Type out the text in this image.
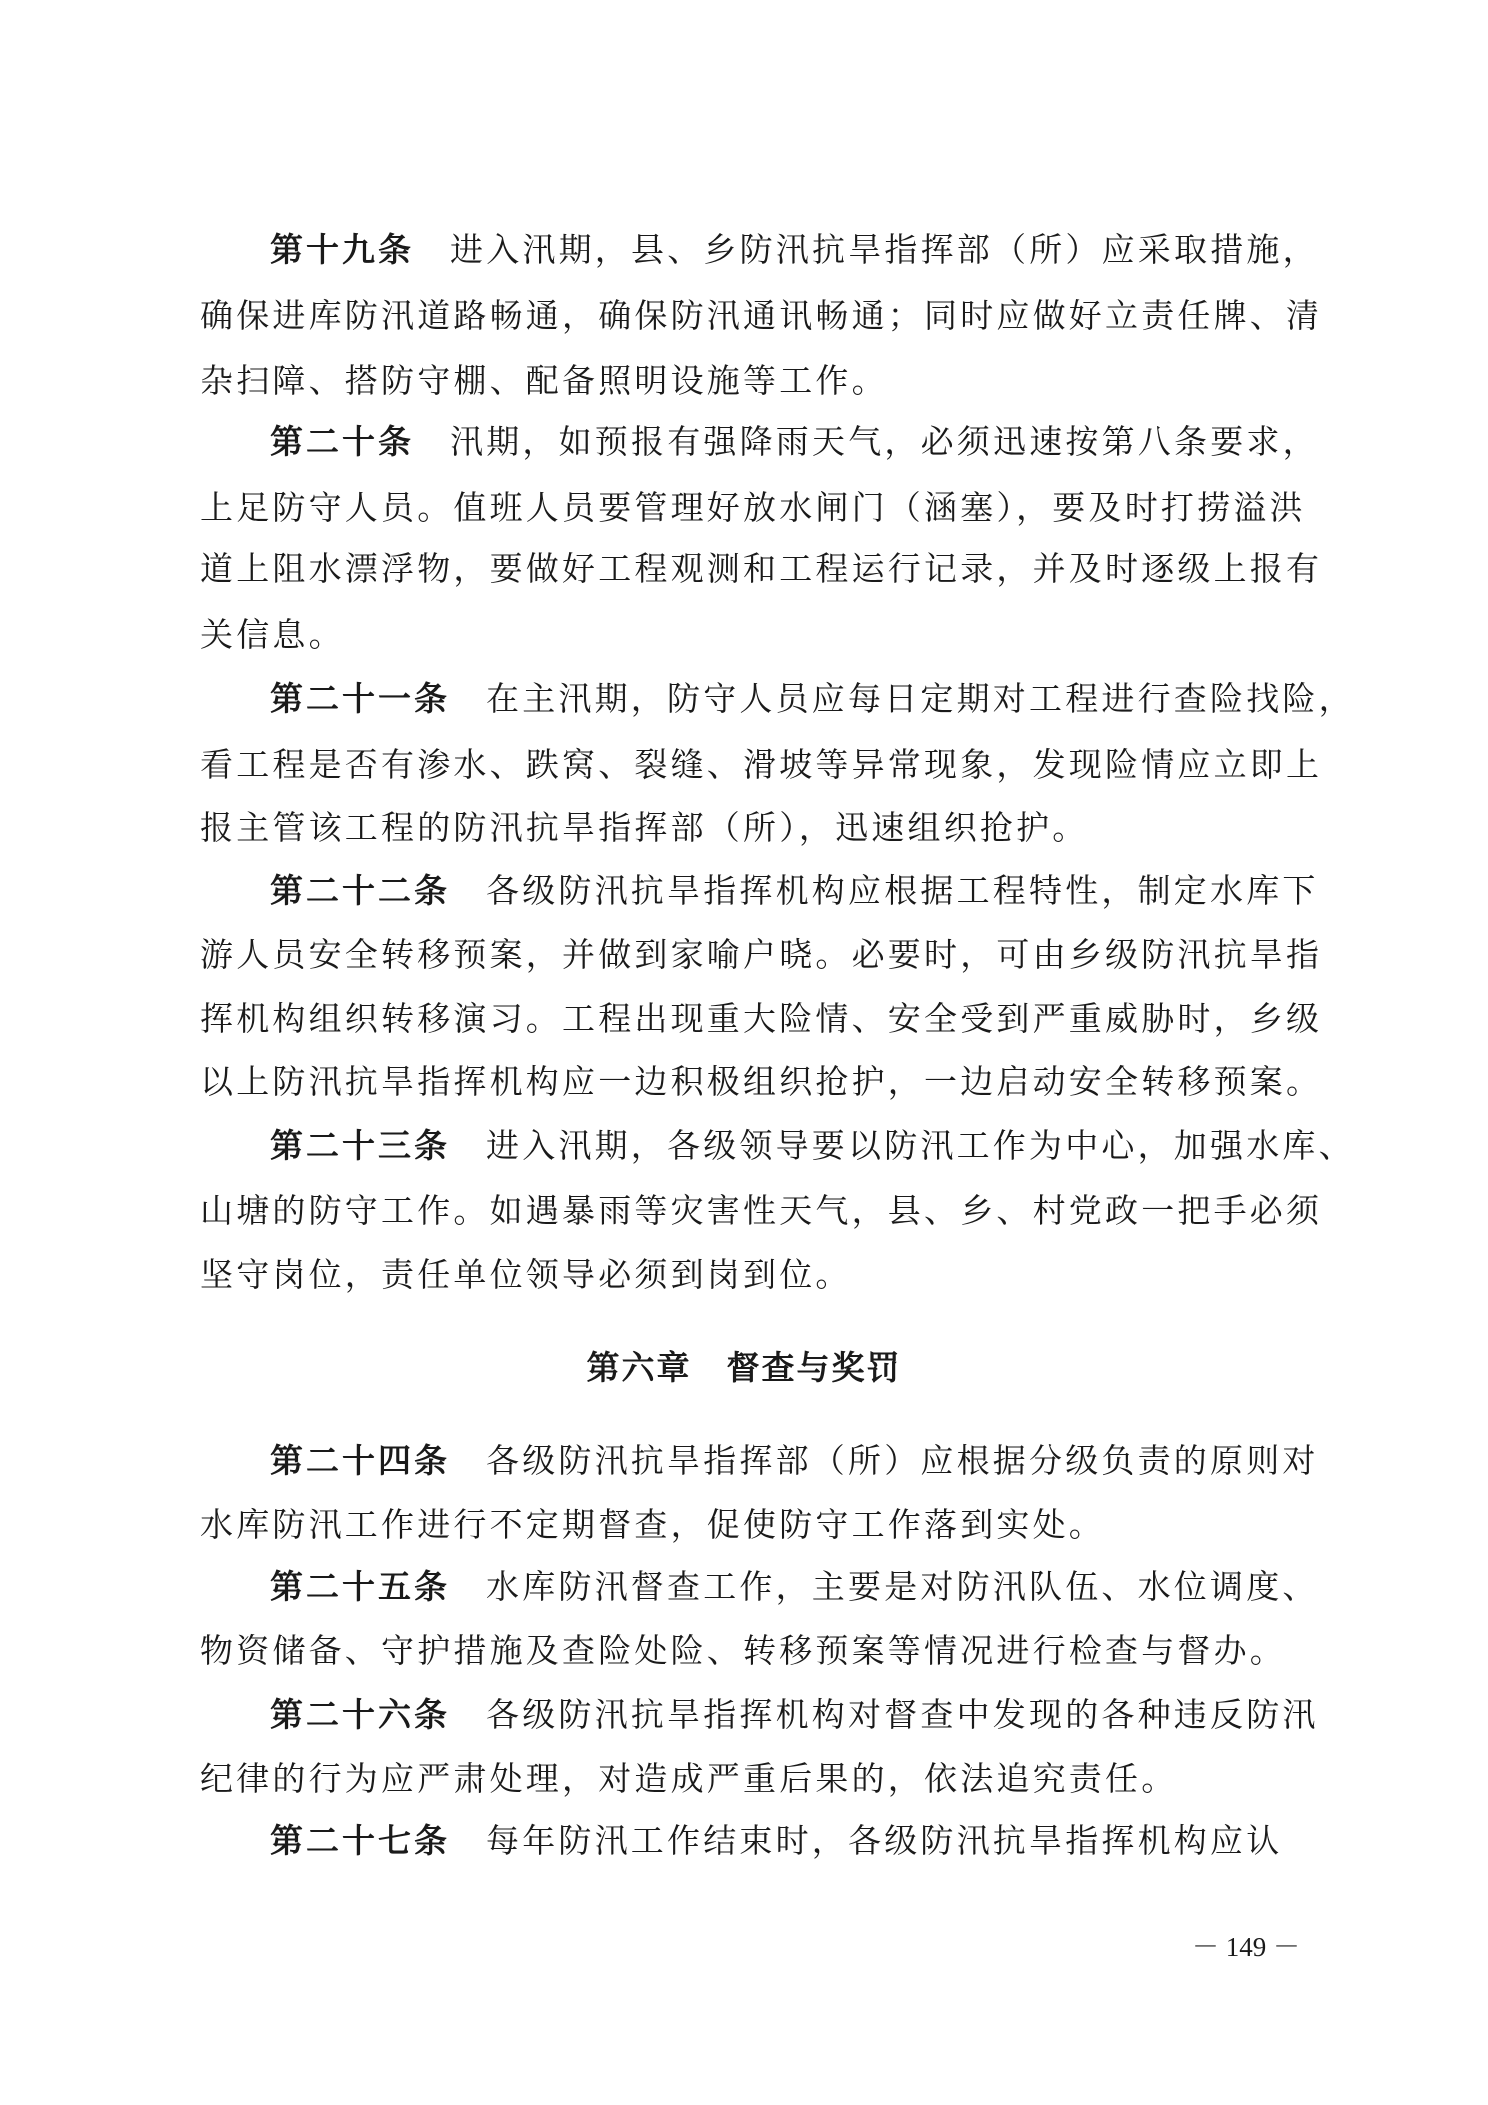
第十九条 进入汛期，县、乡防汛抗旱指挥部（所）应采取措施，
确保进库防汛道路畅通，确保防汛通讯畅通；同时应做好立责任牌、清
杂扫障、搭防守棚、配备照明设施等工作。
第二十条 汛期，如预报有强降雨天气，必须迅速按第八条要求，
上足防守人员。值班人员要管理好放水闸门（涵塞），要及时打捞溢洪
道上阻水漂浮物，要做好工程观测和工程运行记录，并及时逐级上报有
关信息。
第二十一条 在主汛期，防守人员应每日定期对工程进行查险找险，
看工程是否有渗水、跌窝、裂缝、滑坡等异常现象，发现险情应立即上
报主管该工程的防汛抗旱指挥部（所），迅速组织抢护。
第二十二条 各级防汛抗旱指挥机构应根据工程特性，制定水库下
游人员安全转移预案，并做到家喻户晓。必要时，可由乡级防汛抗旱指
挥机构组织转移演习。工程出现重大险情、安全受到严重威胁时，乡级
以上防汛抗旱指挥机构应一边积极组织抢护，一边启动安全转移预案。
第二十三条 进入汛期，各级领导要以防汛工作为中心，加强水库、
山塘的防守工作。如遇暴雨等灾害性天气，县、乡、村党政一把手必须
坚守岗位，责任单位领导必须到岗到位。
第六章　督查与奖罚
第二十四条 各级防汛抗旱指挥部（所）应根据分级负责的原则对
水库防汛工作进行不定期督查，促使防守工作落到实处。
第二十五条 水库防汛督查工作，主要是对防汛队伍、水位调度、
物资储备、守护措施及查险处险、转移预案等情况进行检查与督办。
第二十六条 各级防汛抗旱指挥机构对督查中发现的各种违反防汛
纪律的行为应严肃处理，对造成严重后果的，依法追究责任。
第二十七条 每年防汛工作结束时，各级防汛抗旱指挥机构应认
－ 149 －
